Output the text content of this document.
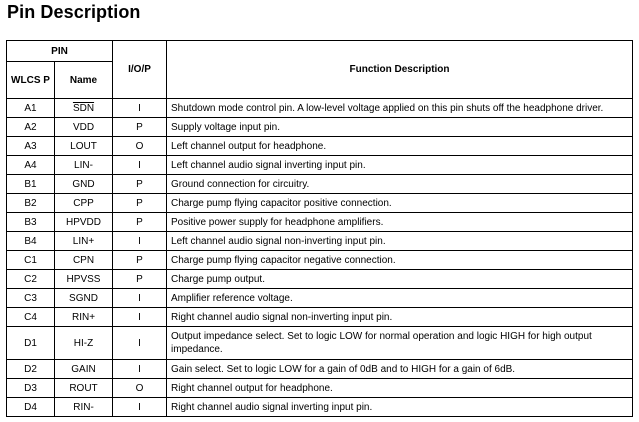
Pin Description
PIN		I/O/P	Function Description
WLCS P	Name		
A1	$\overline{SDN}$	I	Shutdown mode control pin. A low-level voltage applied on this pin shuts off the headphone driver.
A2	VDD	P	Supply voltage input pin.
A3	LOUT	O	Left channel output for headphone.
A4	LIN-	I	Left channel audio signal inverting input pin.
B1	GND	P	Ground connection for circuitry.
B2	CPP	P	Charge pump flying capacitor positive connection.
B3	HPVDD	P	Positive power supply for headphone amplifiers.
B4	LIN+	I	Left channel audio signal non-inverting input pin.
C1	CPN	P	Charge pump flying capacitor negative connection.
C2	HPVSS	P	Charge pump output.
C3	SGND	I	Amplifier reference voltage.
C4	RIN+	I	Right channel audio signal non-inverting input pin.
D1	HI-Z	I	Output impedance select. Set to logic LOW for normal operation and logic HIGH for high output impedance.
D2	GAIN	I	Gain select. Set to logic LOW for a gain of 0dB and to HIGH for a gain of 6dB.
D3	ROUT	O	Right channel output for headphone.
D4	RIN-	I	Right channel audio signal inverting input pin.
